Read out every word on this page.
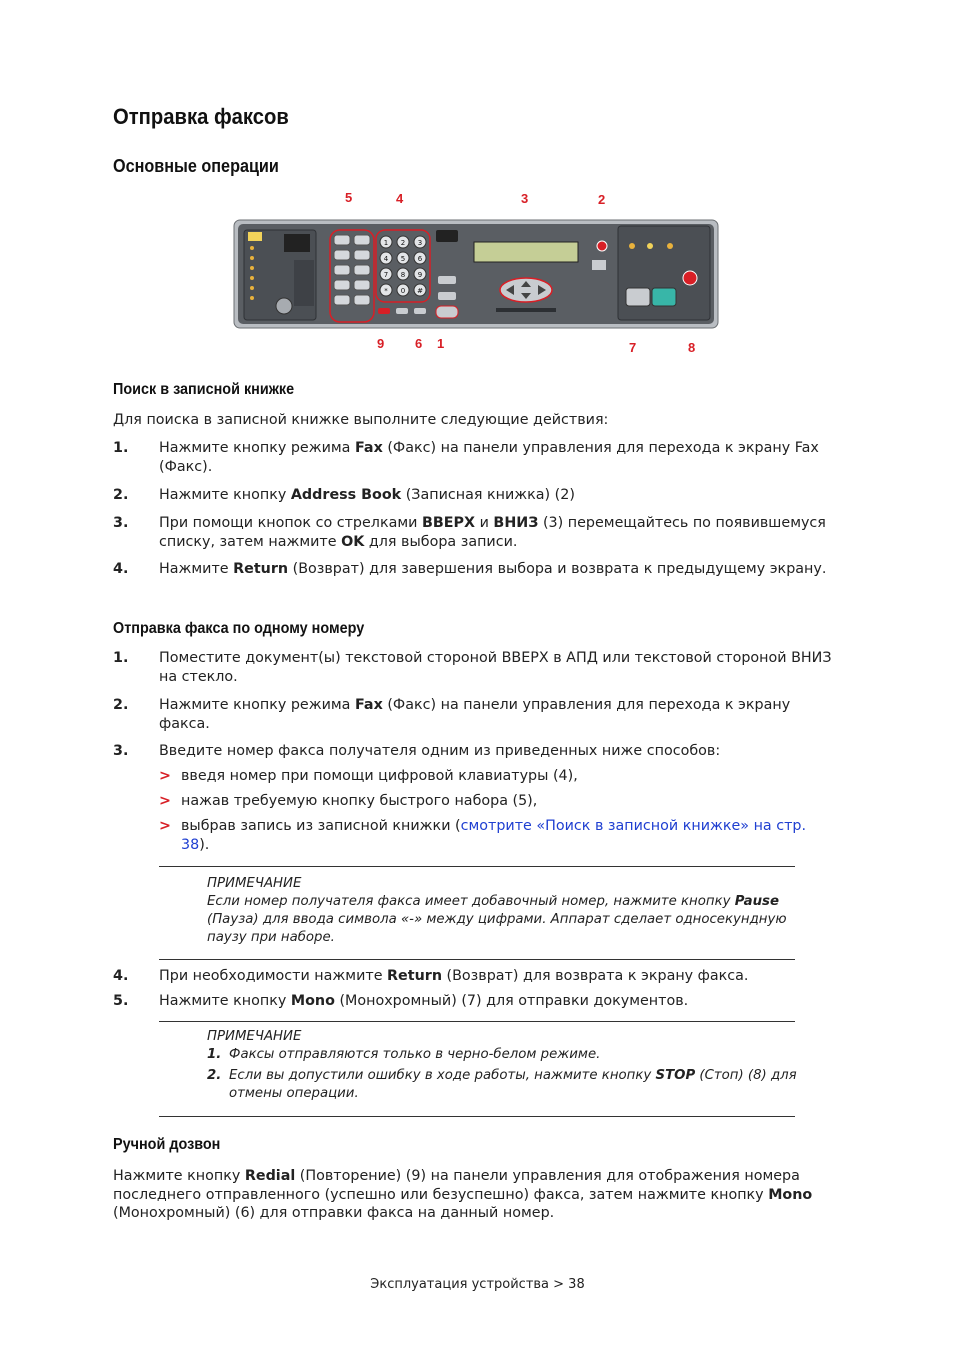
Отправка факсов
Основные операции
1 2 3
4 5 6
7 8 9
* 0 #
5	4	3	2
9 6 1	7	8
Поиск в записной книжке

Для поиска в записной книжке выполните следующие действия:

1. Нажмите кнопку режима Fax (Факс) на панели управления для перехода к экрану Fax (Факс).
2. Нажмите кнопку Address Book (Записная книжка) (2)
3. При помощи кнопок со стрелками ВВЕРХ и ВНИЗ (3) перемещайтесь по появившемуся списку, затем нажмите OK для выбора записи.
4. Нажмите Return (Возврат) для завершения выбора и возврата к предыдущему экрану.
Отправка факса по одному номеру
1. Поместите документ(ы) текстовой стороной ВВЕРХ в АПД или текстовой стороной ВНИЗ на стекло.
2. Нажмите кнопку режима Fax (Факс) на панели управления для перехода к экрану факса.
3. Введите номер факса получателя одним из приведенных ниже способов:
> введя номер при помощи цифровой клавиатуры (4),
> нажав требуемую кнопку быстрого набора (5),
> выбрав запись из записной книжки (смотрите «Поиск в записной книжке» на стр. 38).
ПРИМЕЧАНИЕ
Если номер получателя факса имеет добавочный номер, нажмите кнопку Pause (Пауза) для ввода символа «-» между цифрами. Аппарат сделает односекундную паузу при наборе.
4. При необходимости нажмите Return (Возврат) для возврата к экрану факса.
5. Нажмите кнопку Mono (Монохромный) (7) для отправки документов.
ПРИМЕЧАНИЕ
1. Факсы отправляются только в черно-белом режиме.
2. Если вы допустили ошибку в ходе работы, нажмите кнопку STOP (Стоп) (8) для отмены операции.
Ручной дозвон

Нажмите кнопку Redial (Повторение) (9) на панели управления для отображения номера последнего отправленного (успешно или безуспешно) факса, затем нажмите кнопку Mono (Монохромный) (6) для отправки факса на данный номер.

Эксплуатация устройства > 38
